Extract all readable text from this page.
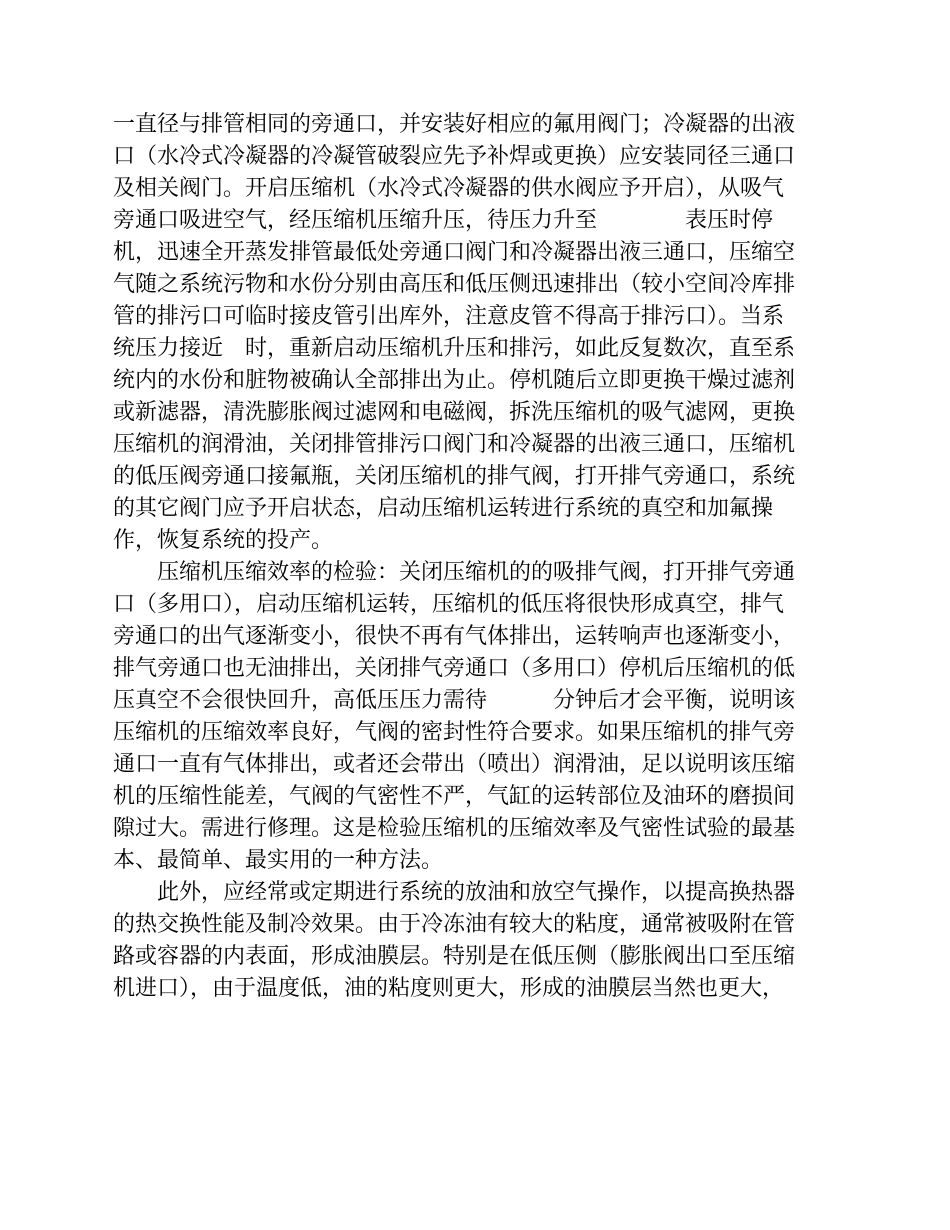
一直径与排管相同的旁通口，并安装好相应的氟用阀门；冷凝器的出液
口（水冷式冷凝器的冷凝管破裂应先予补焊或更换）应安装同径三通口
及相关阀门。开启压缩机（水冷式冷凝器的供水阀应予开启），从吸气
旁通口吸进空气，经压缩机压缩升压，待压力升至　　　　表压时停
机，迅速全开蒸发排管最低处旁通口阀门和冷凝器出液三通口，压缩空
气随之系统污物和水份分别由高压和低压侧迅速排出（较小空间冷库排
管的排污口可临时接皮管引出库外，注意皮管不得高于排污口）。当系
统压力接近　时，重新启动压缩机升压和排污，如此反复数次，直至系
统内的水份和脏物被确认全部排出为止。停机随后立即更换干燥过滤剂
或新滤器，清洗膨胀阀过滤网和电磁阀，拆洗压缩机的吸气滤网，更换
压缩机的润滑油，关闭排管排污口阀门和冷凝器的出液三通口，压缩机
的低压阀旁通口接氟瓶，关闭压缩机的排气阀，打开排气旁通口，系统
的其它阀门应予开启状态，启动压缩机运转进行系统的真空和加氟操
作，恢复系统的投产。
压缩机压缩效率的检验：关闭压缩机的的吸排气阀，打开排气旁通
口（多用口），启动压缩机运转，压缩机的低压将很快形成真空，排气
旁通口的出气逐渐变小，很快不再有气体排出，运转响声也逐渐变小，
排气旁通口也无油排出，关闭排气旁通口（多用口）停机后压缩机的低
压真空不会很快回升，高低压压力需待　　　分钟后才会平衡，说明该
压缩机的压缩效率良好，气阀的密封性符合要求。如果压缩机的排气旁
通口一直有气体排出，或者还会带出（喷出）润滑油，足以说明该压缩
机的压缩性能差，气阀的气密性不严，气缸的运转部位及油环的磨损间
隙过大。需进行修理。这是检验压缩机的压缩效率及气密性试验的最基
本、最简单、最实用的一种方法。
此外，应经常或定期进行系统的放油和放空气操作，以提高换热器
的热交换性能及制冷效果。由于冷冻油有较大的粘度，通常被吸附在管
路或容器的内表面，形成油膜层。特别是在低压侧（膨胀阀出口至压缩
机进口），由于温度低，油的粘度则更大，形成的油膜层当然也更大，
